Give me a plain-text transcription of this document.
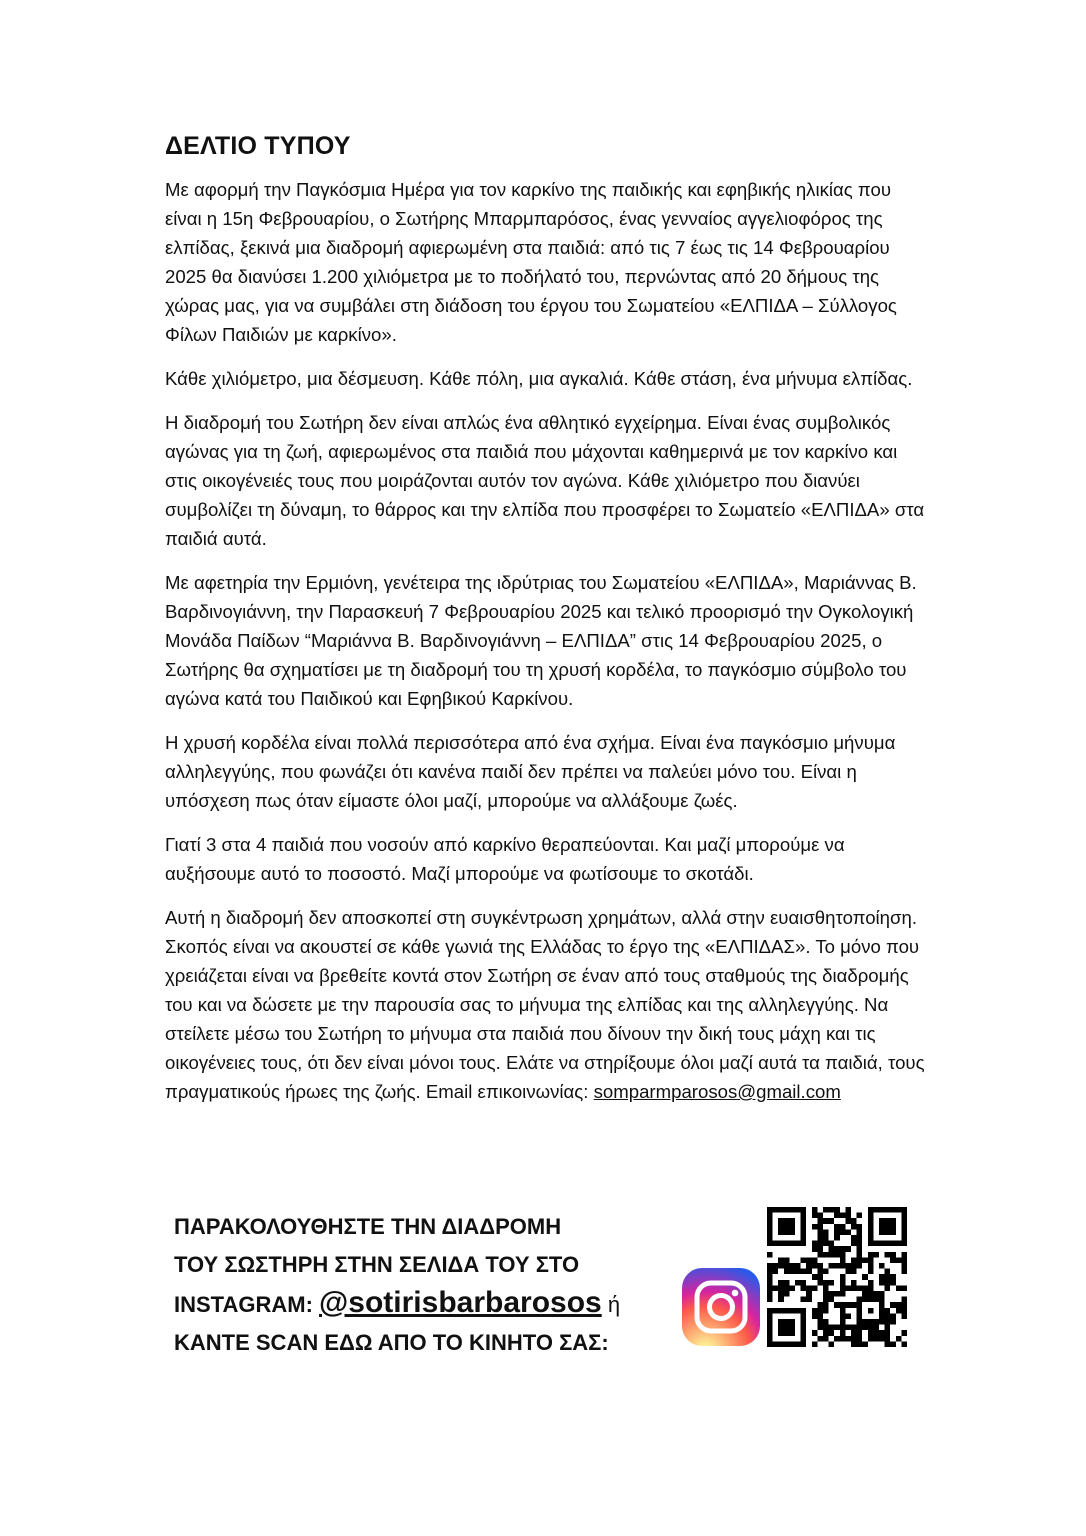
ΔΕΛΤΙΟ ΤΥΠΟΥ

Με αφορμή την Παγκόσμια Ημέρα για τον καρκίνο της παιδικής και εφηβικής ηλικίας που είναι η 15η Φεβρουαρίου, ο Σωτήρης Μπαρμπαρόσος, ένας γενναίος αγγελιοφόρος της ελπίδας, ξεκινά μια διαδρομή αφιερωμένη στα παιδιά: από τις 7 έως τις 14 Φεβρουαρίου 2025 θα διανύσει 1.200 χιλιόμετρα με το ποδήλατό του, περνώντας από 20 δήμους της χώρας μας, για να συμβάλει στη διάδοση του έργου του Σωματείου «ΕΛΠΙΔΑ – Σύλλογος Φίλων Παιδιών με καρκίνο».

Κάθε χιλιόμετρο, μια δέσμευση. Κάθε πόλη, μια αγκαλιά. Κάθε στάση, ένα μήνυμα ελπίδας.

Η διαδρομή του Σωτήρη δεν είναι απλώς ένα αθλητικό εγχείρημα. Είναι ένας συμβολικός αγώνας για τη ζωή, αφιερωμένος στα παιδιά που μάχονται καθημερινά με τον καρκίνο και στις οικογένειές τους που μοιράζονται αυτόν τον αγώνα. Κάθε χιλιόμετρο που διανύει συμβολίζει τη δύναμη, το θάρρος και την ελπίδα που προσφέρει το Σωματείο «ΕΛΠΙΔΑ» στα παιδιά αυτά.

Με αφετηρία την Ερμιόνη, γενέτειρα της ιδρύτριας του Σωματείου «ΕΛΠΙΔΑ», Μαριάννας Β. Βαρδινογιάννη, την Παρασκευή 7 Φεβρουαρίου 2025 και τελικό προορισμό την Ογκολογική Μονάδα Παίδων “Μαριάννα Β. Βαρδινογιάννη – ΕΛΠΙΔΑ” στις 14 Φεβρουαρίου 2025, ο Σωτήρης θα σχηματίσει με τη διαδρομή του τη χρυσή κορδέλα, το παγκόσμιο σύμβολο του αγώνα κατά του Παιδικού και Εφηβικού Καρκίνου.

Η χρυσή κορδέλα είναι πολλά περισσότερα από ένα σχήμα. Είναι ένα παγκόσμιο μήνυμα αλληλεγγύης, που φωνάζει ότι κανένα παιδί δεν πρέπει να παλεύει μόνο του. Είναι η υπόσχεση πως όταν είμαστε όλοι μαζί, μπορούμε να αλλάξουμε ζωές.

Γιατί 3 στα 4 παιδιά που νοσούν από καρκίνο θεραπεύονται. Και μαζί μπορούμε να αυξήσουμε αυτό το ποσοστό. Μαζί μπορούμε να φωτίσουμε το σκοτάδι.

Αυτή η διαδρομή δεν αποσκοπεί στη συγκέντρωση χρημάτων, αλλά στην ευαισθητοποίηση. Σκοπός είναι να ακουστεί σε κάθε γωνιά της Ελλάδας το έργο της «ΕΛΠΙΔΑΣ». Το μόνο που χρειάζεται είναι να βρεθείτε κοντά στον Σωτήρη σε έναν από τους σταθμούς της διαδρομής του και να δώσετε με την παρουσία σας το μήνυμα της ελπίδας και της αλληλεγγύης. Να στείλετε μέσω του Σωτήρη το μήνυμα στα παιδιά που δίνουν την δική τους μάχη και τις οικογένειες τους, ότι δεν είναι μόνοι τους. Ελάτε να στηρίξουμε όλοι μαζί αυτά τα παιδιά, τους πραγματικούς ήρωες της ζωής. Email επικοινωνίας: somparmparosos@gmail.com

ΠΑΡΑΚΟΛΟΥΘΗΣΤΕ ΤΗΝ ΔΙΑΔΡΟΜΗ
ΤΟΥ ΣΩΣΤΗΡΗ ΣΤΗΝ ΣΕΛΙΔΑ ΤΟΥ ΣΤΟ
INSTAGRAM: @sotirisbarbarosos ή
ΚΑΝΤΕ SCAN ΕΔΩ ΑΠΟ ΤΟ ΚΙΝΗΤΟ ΣΑΣ:
